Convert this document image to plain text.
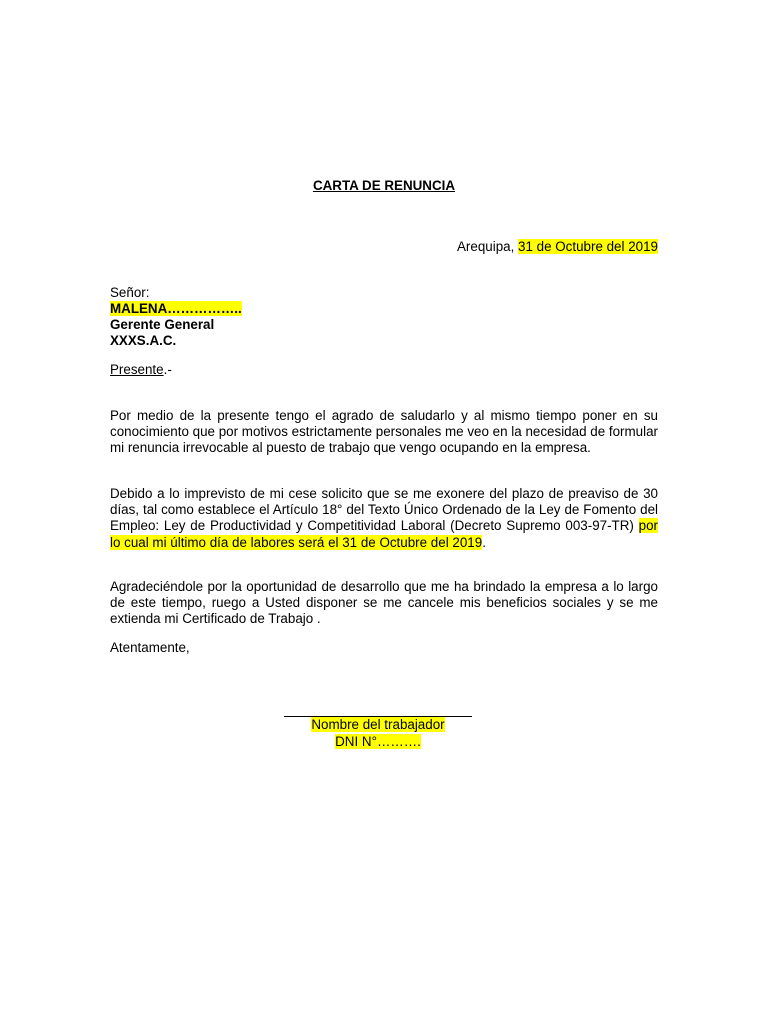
CARTA DE RENUNCIA
Arequipa, 31 de Octubre del 2019
Señor:
MALENA……………..
Gerente General
XXXS.A.C.
Presente.-

Por medio de la presente tengo el agrado de saludarlo y al mismo tiempo poner en su conocimiento que por motivos estrictamente personales me veo en la necesidad de formular mi renuncia irrevocable al puesto de trabajo que vengo ocupando en la empresa.

Debido a lo imprevisto de mi cese solicito que se me exonere del plazo de preaviso de 30 días, tal como establece el Artículo 18° del Texto Único Ordenado de la Ley de Fomento del Empleo: Ley de Productividad y Competitividad Laboral (Decreto Supremo 003-97-TR) por lo cual mi último día de labores será el 31 de Octubre del 2019.

Agradeciéndole por la oportunidad de desarrollo que me ha brindado la empresa a lo largo de este tiempo, ruego a Usted disponer se me cancele mis beneficios sociales y se me extienda mi Certificado de Trabajo .

Atentamente,
Nombre del trabajador
DNI N°……….
